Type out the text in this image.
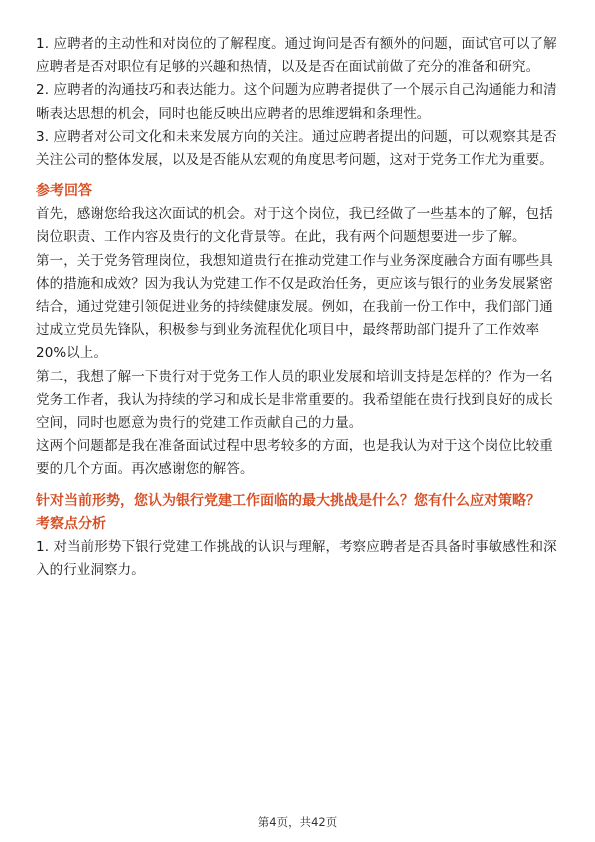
1. 应聘者的主动性和对岗位的了解程度。通过询问是否有额外的问题，面试官可以了解应聘者是否对职位有足够的兴趣和热情，以及是否在面试前做了充分的准备和研究。

2. 应聘者的沟通技巧和表达能力。这个问题为应聘者提供了一个展示自己沟通能力和清晰表达思想的机会，同时也能反映出应聘者的思维逻辑和条理性。

3. 应聘者对公司文化和未来发展方向的关注。通过应聘者提出的问题，可以观察其是否关注公司的整体发展，以及是否能从宏观的角度思考问题，这对于党务工作尤为重要。

参考回答

首先，感谢您给我这次面试的机会。对于这个岗位，我已经做了一些基本的了解，包括岗位职责、工作内容及贵行的文化背景等。在此，我有两个问题想要进一步了解。

第一，关于党务管理岗位，我想知道贵行在推动党建工作与业务深度融合方面有哪些具体的措施和成效？因为我认为党建工作不仅是政治任务，更应该与银行的业务发展紧密结合，通过党建引领促进业务的持续健康发展。例如，在我前一份工作中，我们部门通过成立党员先锋队，积极参与到业务流程优化项目中，最终帮助部门提升了工作效率20%以上。

第二，我想了解一下贵行对于党务工作人员的职业发展和培训支持是怎样的？作为一名党务工作者，我认为持续的学习和成长是非常重要的。我希望能在贵行找到良好的成长空间，同时也愿意为贵行的党建工作贡献自己的力量。

这两个问题都是我在准备面试过程中思考较多的方面，也是我认为对于这个岗位比较重要的几个方面。再次感谢您的解答。

针对当前形势，您认为银行党建工作面临的最大挑战是什么？您有什么应对策略？
考察点分析

1. 对当前形势下银行党建工作挑战的认识与理解，考察应聘者是否具备时事敏感性和深入的行业洞察力。

第4页，共42页
